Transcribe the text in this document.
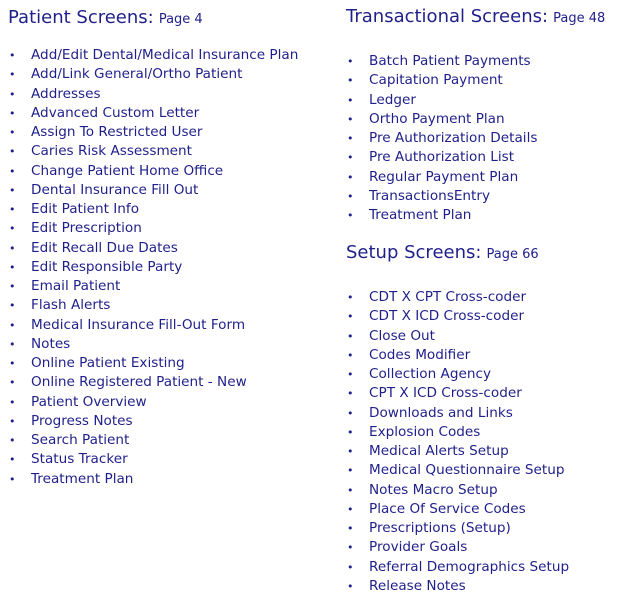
Patient Screens: Page 4

• Add/Edit Dental/Medical Insurance Plan
• Add/Link General/Ortho Patient
• Addresses
• Advanced Custom Letter
• Assign To Restricted User
• Caries Risk Assessment
• Change Patient Home Office
• Dental Insurance Fill Out
• Edit Patient Info
• Edit Prescription
• Edit Recall Due Dates
• Edit Responsible Party
• Email Patient
• Flash Alerts
• Medical Insurance Fill-Out Form
• Notes
• Online Patient Existing
• Online Registered Patient - New
• Patient Overview
• Progress Notes
• Search Patient
• Status Tracker
• Treatment Plan

Transactional Screens: Page 48

• Batch Patient Payments
• Capitation Payment
• Ledger
• Ortho Payment Plan
• Pre Authorization Details
• Pre Authorization List
• Regular Payment Plan
• TransactionsEntry
• Treatment Plan

Setup Screens: Page 66

• CDT X CPT Cross-coder
• CDT X ICD Cross-coder
• Close Out
• Codes Modifier
• Collection Agency
• CPT X ICD Cross-coder
• Downloads and Links
• Explosion Codes
• Medical Alerts Setup
• Medical Questionnaire Setup
• Notes Macro Setup
• Place Of Service Codes
• Prescriptions (Setup)
• Provider Goals
• Referral Demographics Setup
• Release Notes
